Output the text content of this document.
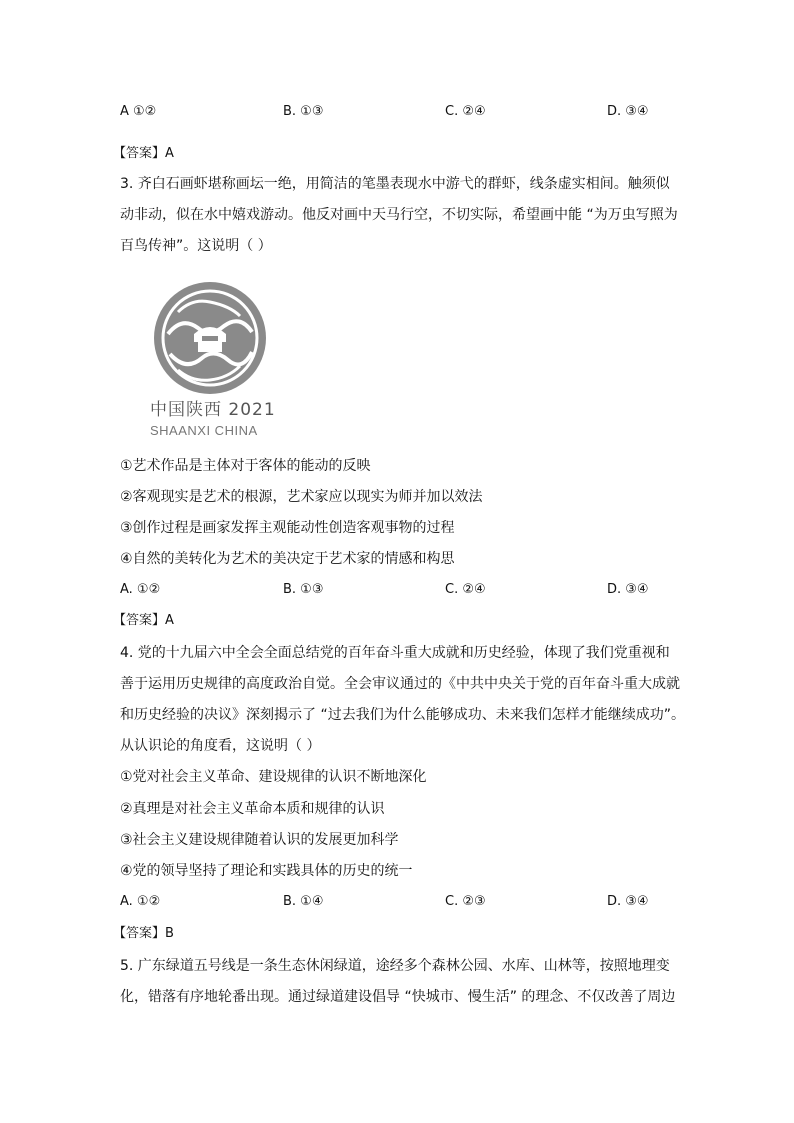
A ①②	B. ①③	C. ②④	D. ③④
【答案】A
3. 齐白石画虾堪称画坛一绝，用简洁的笔墨表现水中游弋的群虾，线条虚实相间。触须似
动非动，似在水中嬉戏游动。他反对画中天马行空，不切实际，希望画中能 “为万虫写照为
百鸟传神”。这说明（ ）
中国陕西 2021
SHAANXI CHINA
①艺术作品是主体对于客体的能动的反映
②客观现实是艺术的根源，艺术家应以现实为师并加以效法
③创作过程是画家发挥主观能动性创造客观事物的过程
④自然的美转化为艺术的美决定于艺术家的情感和构思
A. ①②	B. ①③	C. ②④	D. ③④
【答案】A
4. 党的十九届六中全会全面总结党的百年奋斗重大成就和历史经验，体现了我们党重视和
善于运用历史规律的高度政治自觉。全会审议通过的《中共中央关于党的百年奋斗重大成就
和历史经验的决议》深刻揭示了 “过去我们为什么能够成功、未来我们怎样才能继续成功”。
从认识论的角度看，这说明（ ）
①党对社会主义革命、建设规律的认识不断地深化
②真理是对社会主义革命本质和规律的认识
③社会主义建设规律随着认识的发展更加科学
④党的领导坚持了理论和实践具体的历史的统一
A. ①②	B. ①④	C. ②③	D. ③④
【答案】B
5. 广东绿道五号线是一条生态休闲绿道，途经多个森林公园、水库、山林等，按照地理变
化，错落有序地轮番出现。通过绿道建设倡导 “快城市、慢生活” 的理念、不仅改善了周边
